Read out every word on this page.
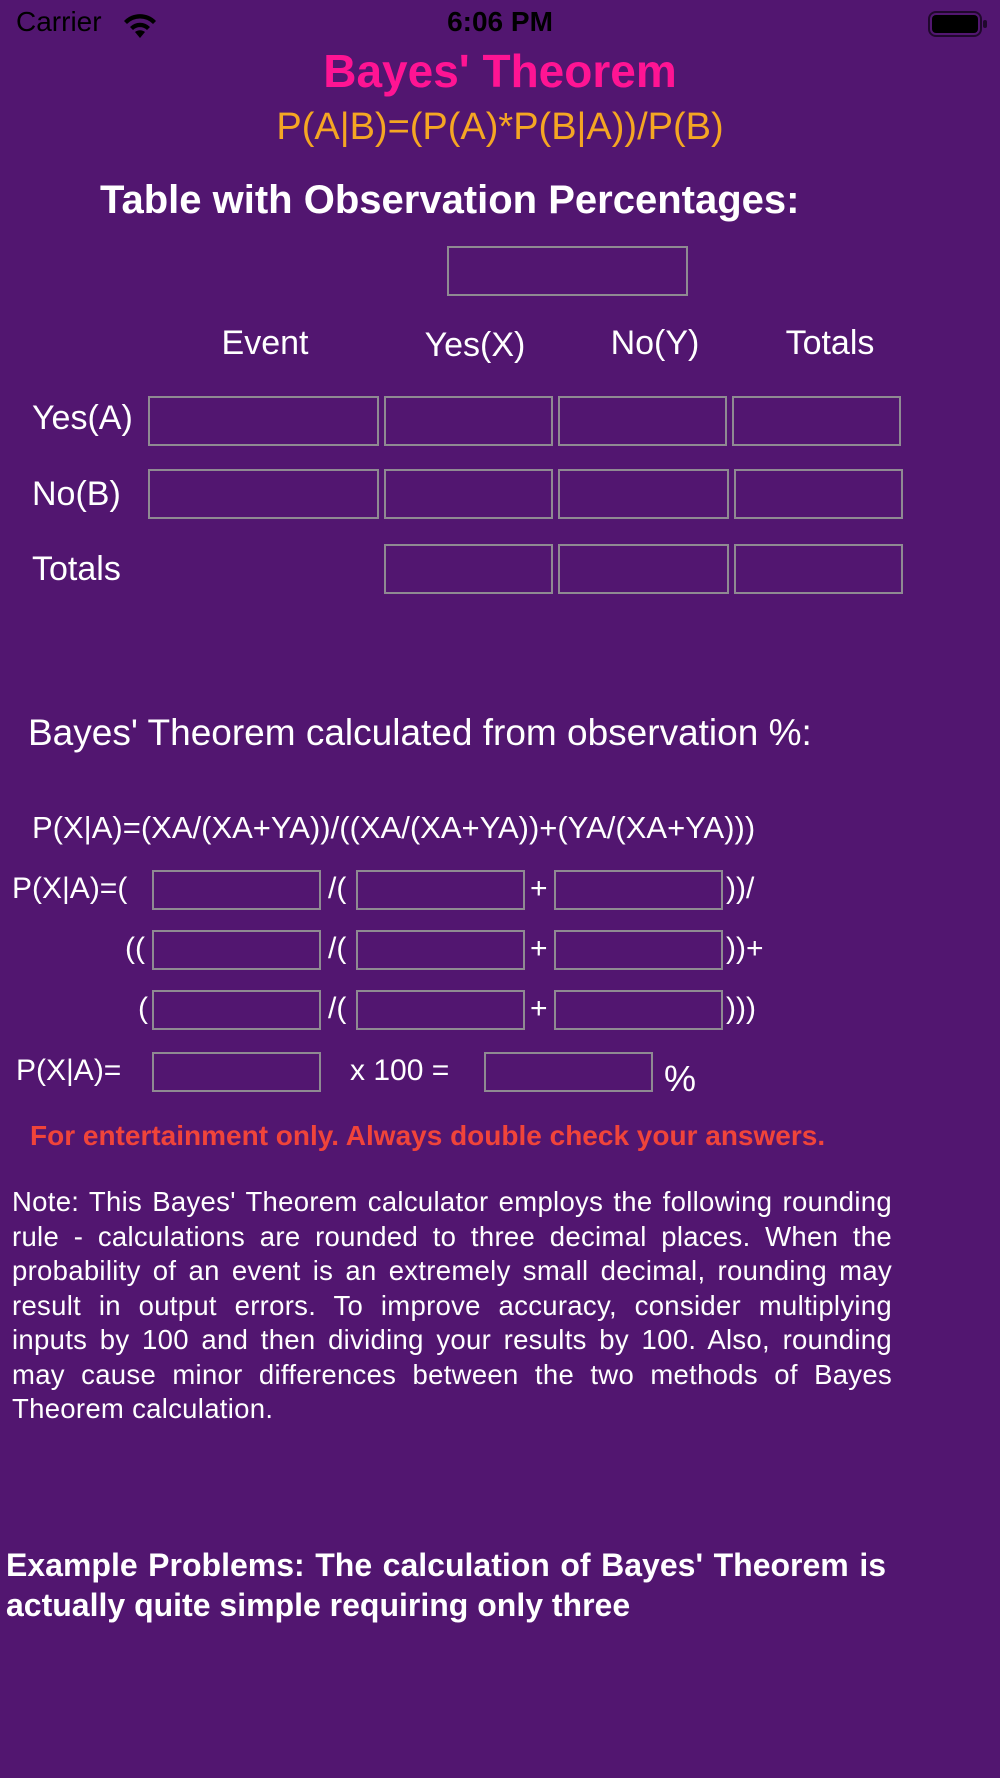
Carrier	6:06 PM
Bayes' Theorem
P(A|B)=(P(A)*P(B|A))/P(B)
Table with Observation Percentages:
Event	Yes(X)	No(Y)	Totals
Yes(A)
No(B)
Totals
Bayes' Theorem calculated from observation %:
P(X|A)=(XA/(XA+YA))/((XA/(XA+YA))+(YA/(XA+YA)))
P(X|A)=(	/(	+	))/
((	/(	+	))+
(	/(	+	)))
P(X|A)=	x 100 =	%
For entertainment only. Always double check your answers.
Note: This Bayes' Theorem calculator employs the following rounding rule - calculations are rounded to three decimal places. When the probability of an event is an extremely small decimal, rounding may result in output errors. To improve accuracy, consider multiplying inputs by 100 and then dividing your results by 100. Also, rounding may cause minor differences between the two methods of Bayes Theorem calculation.
Example Problems: The calculation of Bayes' Theorem is actually quite simple requiring only three
